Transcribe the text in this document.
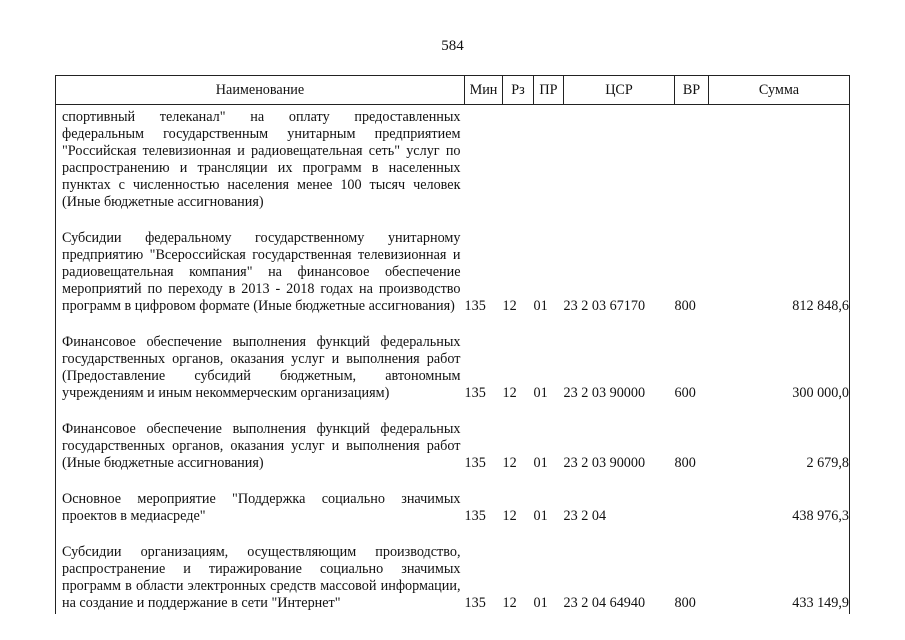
584
Наименование	Мин	Рз	ПР	ЦСР	ВР	Сумма

спортивный телеканал" на оплату предоставленных федеральным государственным унитарным предприятием "Российская телевизионная и радиовещательная сеть" услуг по распространению и трансляции их программ в населенных пунктах с численностью населения менее 100 тысяч человек (Иные бюджетные ассигнования)						

Субсидии федеральному государственному унитарному предприятию "Всероссийская государственная телевизионная и радиовещательная компания" на финансовое обеспечение мероприятий по переходу в 2013 - 2018 годах на производство программ в цифровом формате (Иные бюджетные ассигнования)	135	12	01	23 2 03 67170	800	812 848,6

Финансовое обеспечение выполнения функций федеральных государственных органов, оказания услуг и выполнения работ (Предоставление субсидий бюджетным, автономным учреждениям и иным некоммерческим организациям)	135	12	01	23 2 03 90000	600	300 000,0

Финансовое обеспечение выполнения функций федеральных государственных органов, оказания услуг и выполнения работ (Иные бюджетные ассигнования)	135	12	01	23 2 03 90000	800	2 679,8

Основное мероприятие "Поддержка социально значимых проектов в медиасреде"	135	12	01	23 2 04		438 976,3

Субсидии организациям, осуществляющим производство, распространение и тиражирование социально значимых программ в области электронных средств массовой информации, на создание и поддержание в сети "Интернет"	135	12	01	23 2 04 64940	800	433 149,9
